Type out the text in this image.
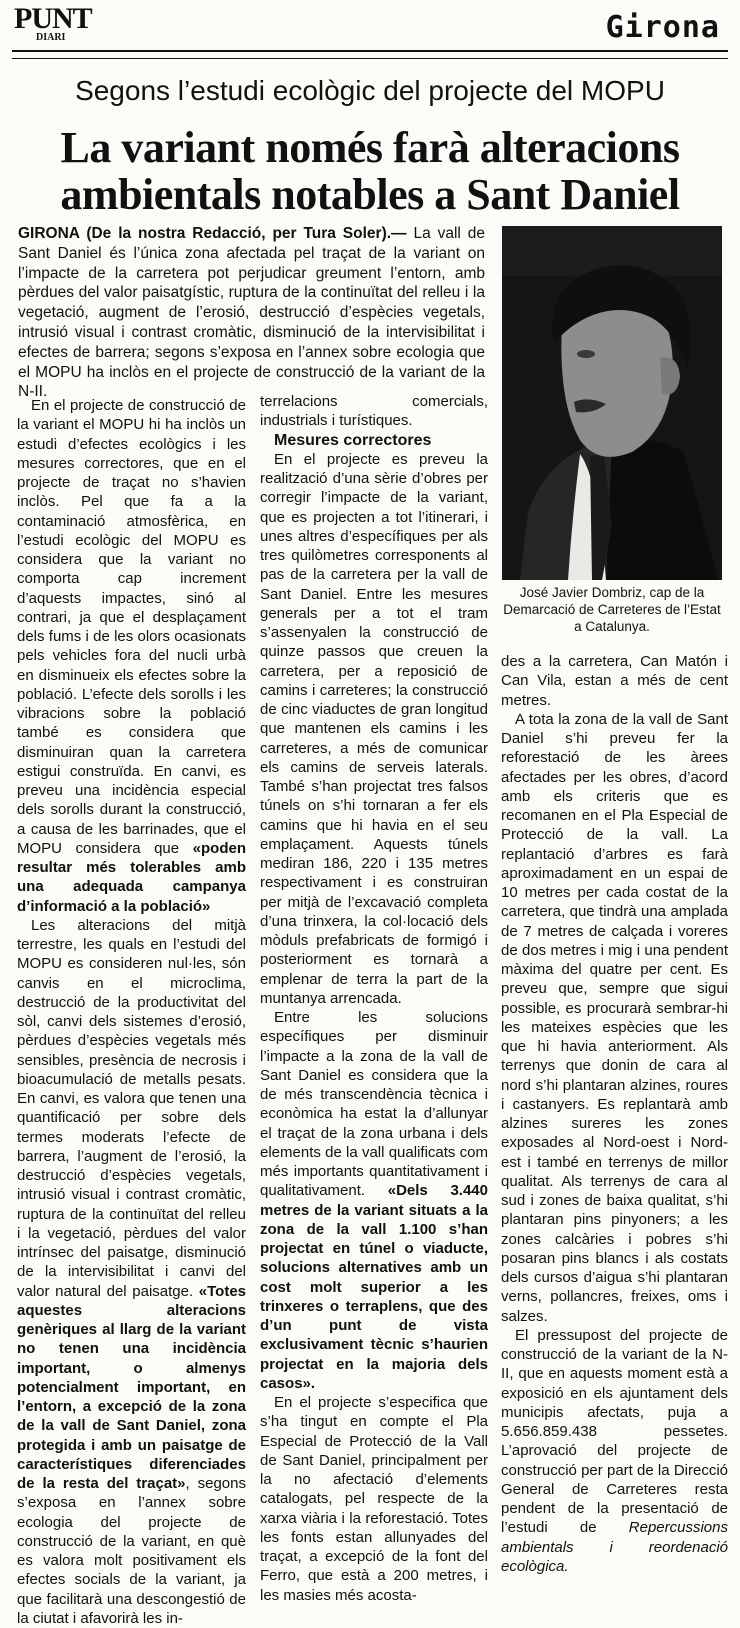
PUNT
DIARI	Girona
Segons l’estudi ecològic del projecte del MOPU
La variant només farà alteracions ambientals notables a Sant Daniel
GIRONA (De la nostra Redacció, per Tura Soler).— La vall de Sant Daniel és l’única zona afectada pel traçat de la variant on l’impacte de la carretera pot perjudicar greument l’entorn, amb pèrdues del valor paisatgístic, ruptura de la continuïtat del relleu i la vegetació, augment de l’erosió, destrucció d’espècies vegetals, intrusió visual i contrast cromàtic, disminució de la intervisibilitat i efectes de barrera; segons s’exposa en l’annex sobre ecologia que el MOPU ha inclòs en el projecte de construcció de la variant de la N-II.
José Javier Dombriz, cap de la Demarcació de Carreteres de l’Estat a Catalunya.

En el projecte de construcció de la variant el MOPU hi ha inclòs un estudi d’efectes ecològics i les mesures correctores, que en el projecte de traçat no s’havien inclòs. Pel que fa a la contaminació atmosfèrica, en l’estudi ecològic del MOPU es considera que la variant no comporta cap increment d’aquests impactes, sinó al contrari, ja que el desplaçament dels fums i de les olors ocasionats pels vehicles fora del nucli urbà en disminueix els efectes sobre la població. L’efecte dels sorolls i les vibracions sobre la població també es considera que disminuiran quan la carretera estigui construïda. En canvi, es preveu una incidència especial dels sorolls durant la construcció, a causa de les barrinades, que el MOPU considera que «poden resultar més tolerables amb una adequada campanya d’informació a la població»

Les alteracions del mitjà terrestre, les quals en l’estudi del MOPU es consideren nul·les, són canvis en el microclima, destrucció de la productivitat del sòl, canvi dels sistemes d’erosió, pèrdues d’espècies vegetals més sensibles, presència de necrosis i bioacumulació de metalls pesats. En canvi, es valora que tenen una quantificació per sobre dels termes moderats l’efecte de barrera, l’augment de l’erosió, la destrucció d’espècies vegetals, intrusió visual i contrast cromàtic, ruptura de la continuïtat del relleu i la vegetació, pèrdues del valor intrínsec del paisatge, disminució de la intervisibilitat i canvi del valor natural del paisatge. «Totes aquestes alteracions genèriques al llarg de la variant no tenen una incidència important, o almenys potencialment important, en l’entorn, a excepció de la zona de la vall de Sant Daniel, zona protegida i amb un paisatge de característiques diferenciades de la resta del traçat», segons s’exposa en l’annex sobre ecologia del projecte de construcció de la variant, en què es valora molt positivament els efectes socials de la variant, ja que facilitarà una descongestió de la ciutat i afavorirà les in-

terrelacions comercials, industrials i turístiques.

Mesures correctores

En el projecte es preveu la realització d’una sèrie d’obres per corregir l’impacte de la variant, que es projecten a tot l’itinerari, i unes altres d’específiques per als tres quilòmetres corresponents al pas de la carretera per la vall de Sant Daniel. Entre les mesures generals per a tot el tram s’assenyalen la construcció de quinze passos que creuen la carretera, per a reposició de camins i carreteres; la construcció de cinc viaductes de gran longitud que mantenen els camins i les carreteres, a més de comunicar els camins de serveis laterals. També s’han projectat tres falsos túnels on s’hi tornaran a fer els camins que hi havia en el seu emplaçament. Aquests túnels mediran 186, 220 i 135 metres respectivament i es construiran per mitjà de l’excavació completa d’una trinxera, la col·locació dels mòduls prefabricats de formigó i posteriorment es tornarà a emplenar de terra la part de la muntanya arrencada.

Entre les solucions específiques per disminuir l’impacte a la zona de la vall de Sant Daniel es considera que la de més transcendència tècnica i econòmica ha estat la d’allunyar el traçat de la zona urbana i dels elements de la vall qualificats com més importants quantitativament i qualitativament. «Dels 3.440 metres de la variant situats a la zona de la vall 1.100 s’han projectat en túnel o viaducte, solucions alternatives amb un cost molt superior a les trinxeres o terraplens, que des d’un punt de vista exclusivament tècnic s’haurien projectat en la majoria dels casos».

En el projecte s’especifica que s’ha tingut en compte el Pla Especial de Protecció de la Vall de Sant Daniel, principalment per la no afectació d’elements catalogats, pel respecte de la xarxa viària i la reforestació. Totes les fonts estan allunyades del traçat, a excepció de la font del Ferro, que està a 200 metres, i les masies més acosta-

des a la carretera, Can Matón i Can Vila, estan a més de cent metres.

A tota la zona de la vall de Sant Daniel s’hi preveu fer la reforestació de les àrees afectades per les obres, d’acord amb els criteris que es recomanen en el Pla Especial de Protecció de la vall. La replantació d’arbres es farà aproximadament en un espai de 10 metres per cada costat de la carretera, que tindrà una amplada de 7 metres de calçada i voreres de dos metres i mig i una pendent màxima del quatre per cent. Es preveu que, sempre que sigui possible, es procurarà sembrar-hi les mateixes espècies que les que hi havia anteriorment. Als terrenys que donin de cara al nord s’hi plantaran alzines, roures i castanyers. Es replantarà amb alzines sureres les zones exposades al Nord-oest i Nord-est i també en terrenys de millor qualitat. Als terrenys de cara al sud i zones de baixa qualitat, s’hi plantaran pins pinyoners; a les zones calcàries i pobres s’hi posaran pins blancs i als costats dels cursos d’aigua s’hi plantaran verns, pollancres, freixes, oms i salzes.

El pressupost del projecte de construcció de la variant de la N-II, que en aquests moment està a exposició en els ajuntament dels municipis afectats, puja a 5.656.859.438 pessetes. L’aprovació del projecte de construcció per part de la Direcció General de Carreteres resta pendent de la presentació de l’estudi de Repercussions ambientals i reordenació ecològica.
